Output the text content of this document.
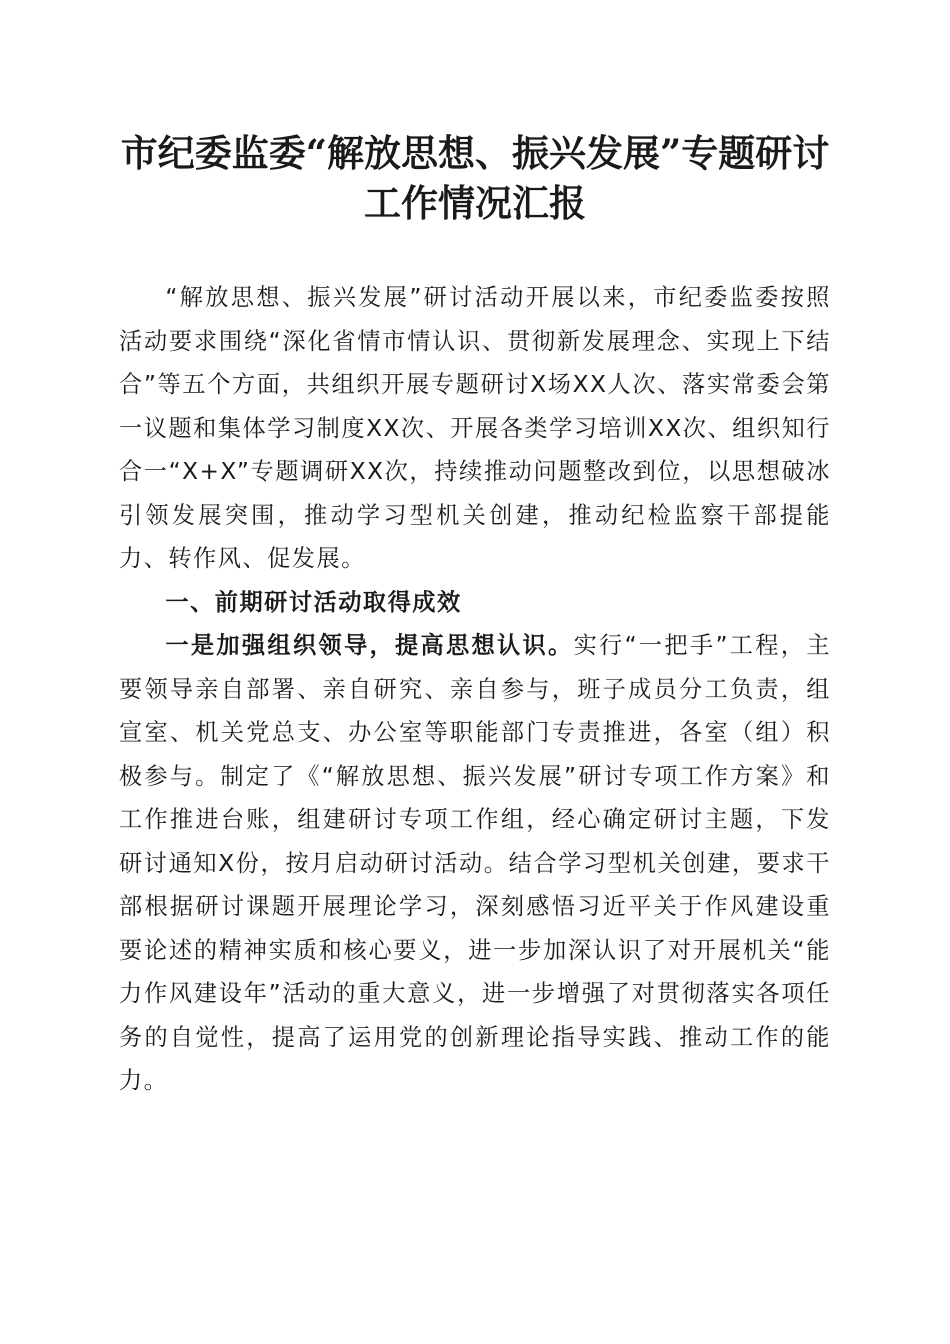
市纪委监委“解放思想、振兴发展”专题研讨
工作情况汇报

“解放思想、振兴发展”研讨活动开展以来，市纪委监委按照活动要求围绕“深化省情市情认识、贯彻新发展理念、实现上下结合”等五个方面，共组织开展专题研讨X场XX人次、落实常委会第一议题和集体学习制度XX次、开展各类学习培训XX次、组织知行合一“X+X”专题调研XX次，持续推动问题整改到位，以思想破冰引领发展突围，推动学习型机关创建，推动纪检监察干部提能力、转作风、促发展。

一、前期研讨活动取得成效

一是加强组织领导，提高思想认识。实行“一把手”工程，主要领导亲自部署、亲自研究、亲自参与，班子成员分工负责，组宣室、机关党总支、办公室等职能部门专责推进，各室（组）积极参与。制定了《“解放思想、振兴发展”研讨专项工作方案》和工作推进台账，组建研讨专项工作组，经心确定研讨主题，下发研讨通知X份，按月启动研讨活动。结合学习型机关创建，要求干部根据研讨课题开展理论学习，深刻感悟习近平关于作风建设重要论述的精神实质和核心要义，进一步加深认识了对开展机关“能力作风建设年”活动的重大意义，进一步增强了对贯彻落实各项任务的自觉性，提高了运用党的创新理论指导实践、推动工作的能力。
